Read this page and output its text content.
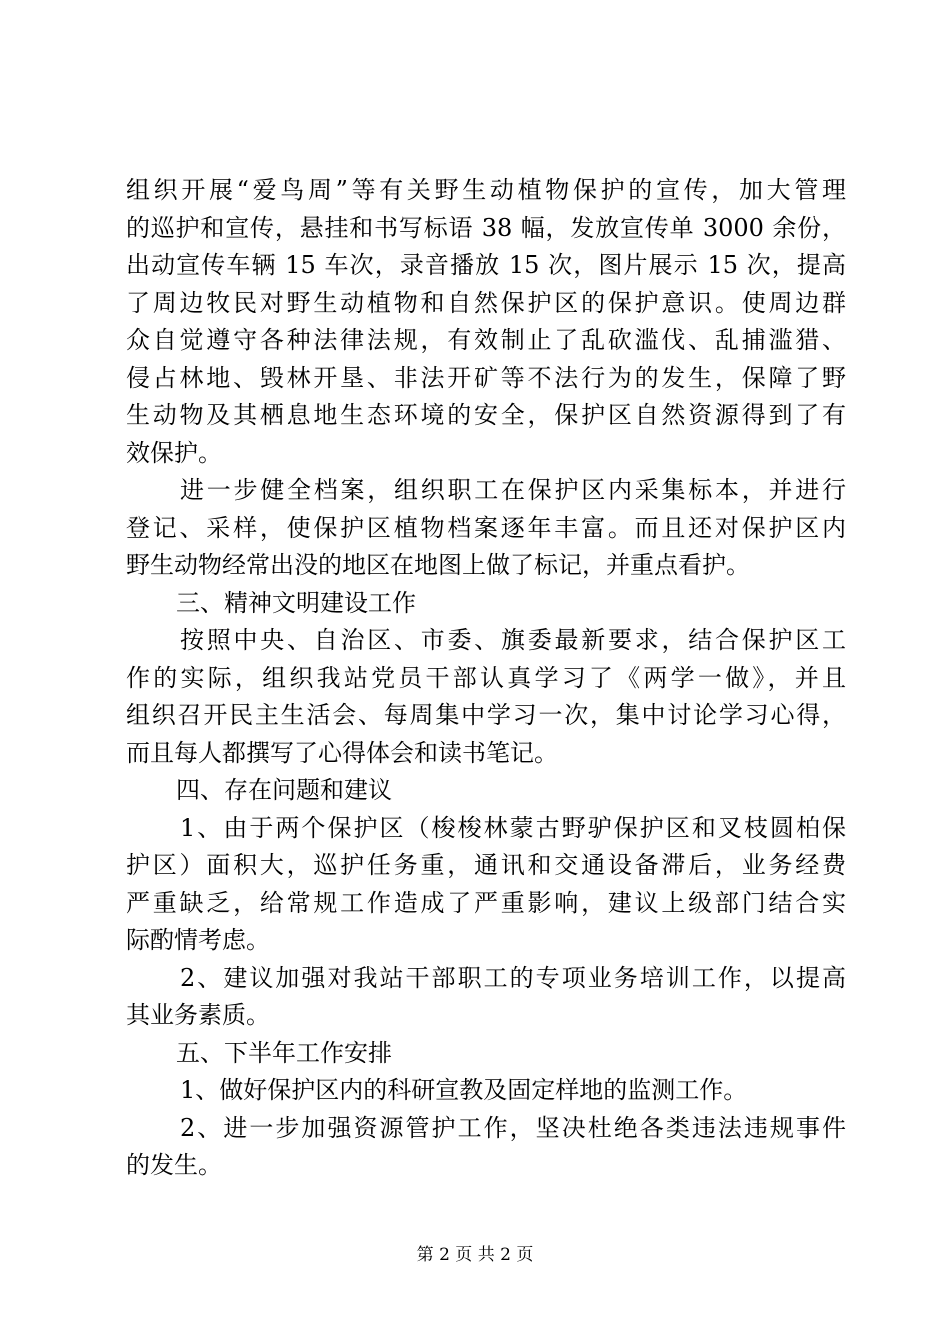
组织开展“爱鸟周”等有关野生动植物保护的宣传，加大管理
的巡护和宣传，悬挂和书写标语 38 幅，发放宣传单 3000 余份，
出动宣传车辆 15 车次，录音播放 15 次，图片展示 15 次，提高
了周边牧民对野生动植物和自然保护区的保护意识。使周边群
众自觉遵守各种法律法规，有效制止了乱砍滥伐、乱捕滥猎、
侵占林地、毁林开垦、非法开矿等不法行为的发生，保障了野
生动物及其栖息地生态环境的安全，保护区自然资源得到了有
效保护。
进一步健全档案，组织职工在保护区内采集标本，并进行
登记、采样，使保护区植物档案逐年丰富。而且还对保护区内
野生动物经常出没的地区在地图上做了标记，并重点看护。
三、精神文明建设工作
按照中央、自治区、市委、旗委最新要求，结合保护区工
作的实际，组织我站党员干部认真学习了《两学一做》，并且
组织召开民主生活会、每周集中学习一次，集中讨论学习心得，
而且每人都撰写了心得体会和读书笔记。
四、存在问题和建议
1、由于两个保护区（梭梭林蒙古野驴保护区和叉枝圆柏保
护区）面积大，巡护任务重，通讯和交通设备滞后，业务经费
严重缺乏，给常规工作造成了严重影响，建议上级部门结合实
际酌情考虑。
2、建议加强对我站干部职工的专项业务培训工作，以提高
其业务素质。
五、下半年工作安排
1、做好保护区内的科研宣教及固定样地的监测工作。
2、进一步加强资源管护工作，坚决杜绝各类违法违规事件
的发生。
第 2 页 共 2 页
